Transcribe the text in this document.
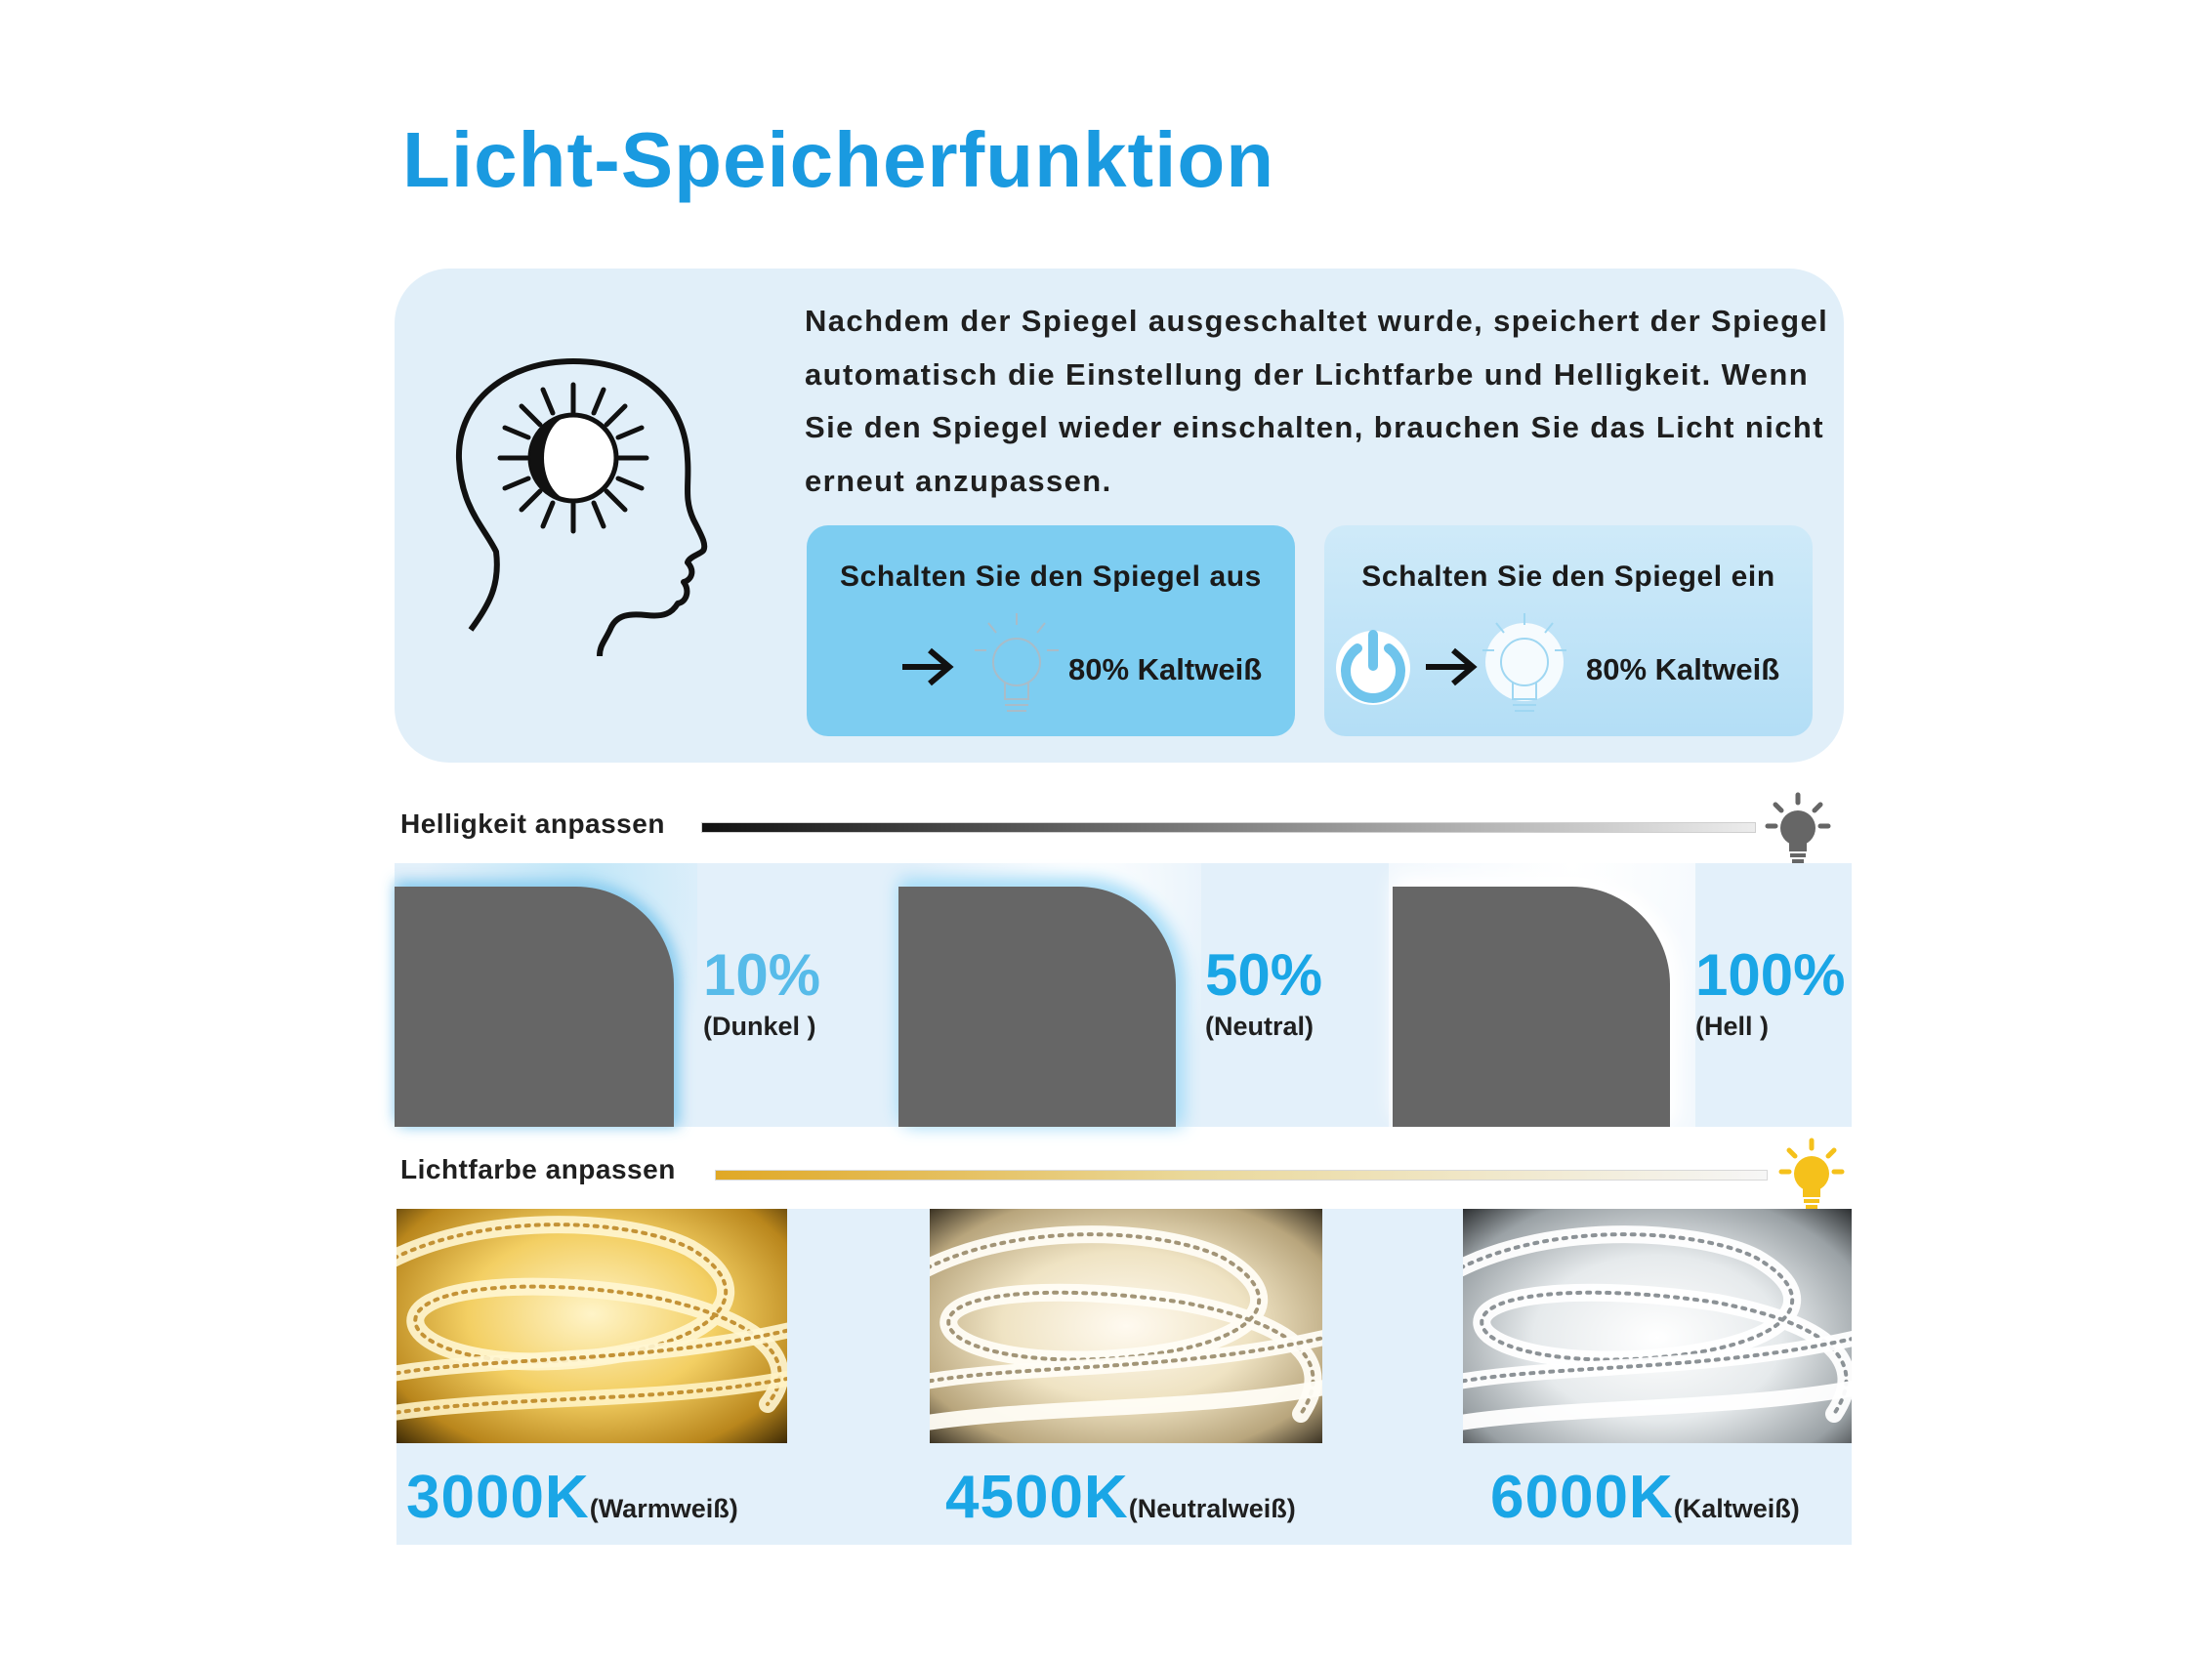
Licht-Speicherfunktion
Nachdem der Spiegel ausgeschaltet wurde, speichert der Spiegel automatisch die Einstellung der Lichtfarbe und Helligkeit. Wenn Sie den Spiegel wieder einschalten, brauchen Sie das Licht nicht erneut anzupassen.
Schalten Sie den Spiegel aus
80% Kaltweiß
Schalten Sie den Spiegel ein
80% Kaltweiß
Helligkeit anpassen
10%
(Dunkel )
50%
(Neutral)
100%
(Hell )
Lichtfarbe anpassen
3000K(Warmweiß)	4500K(Neutralweiß)	6000K(Kaltweiß)
